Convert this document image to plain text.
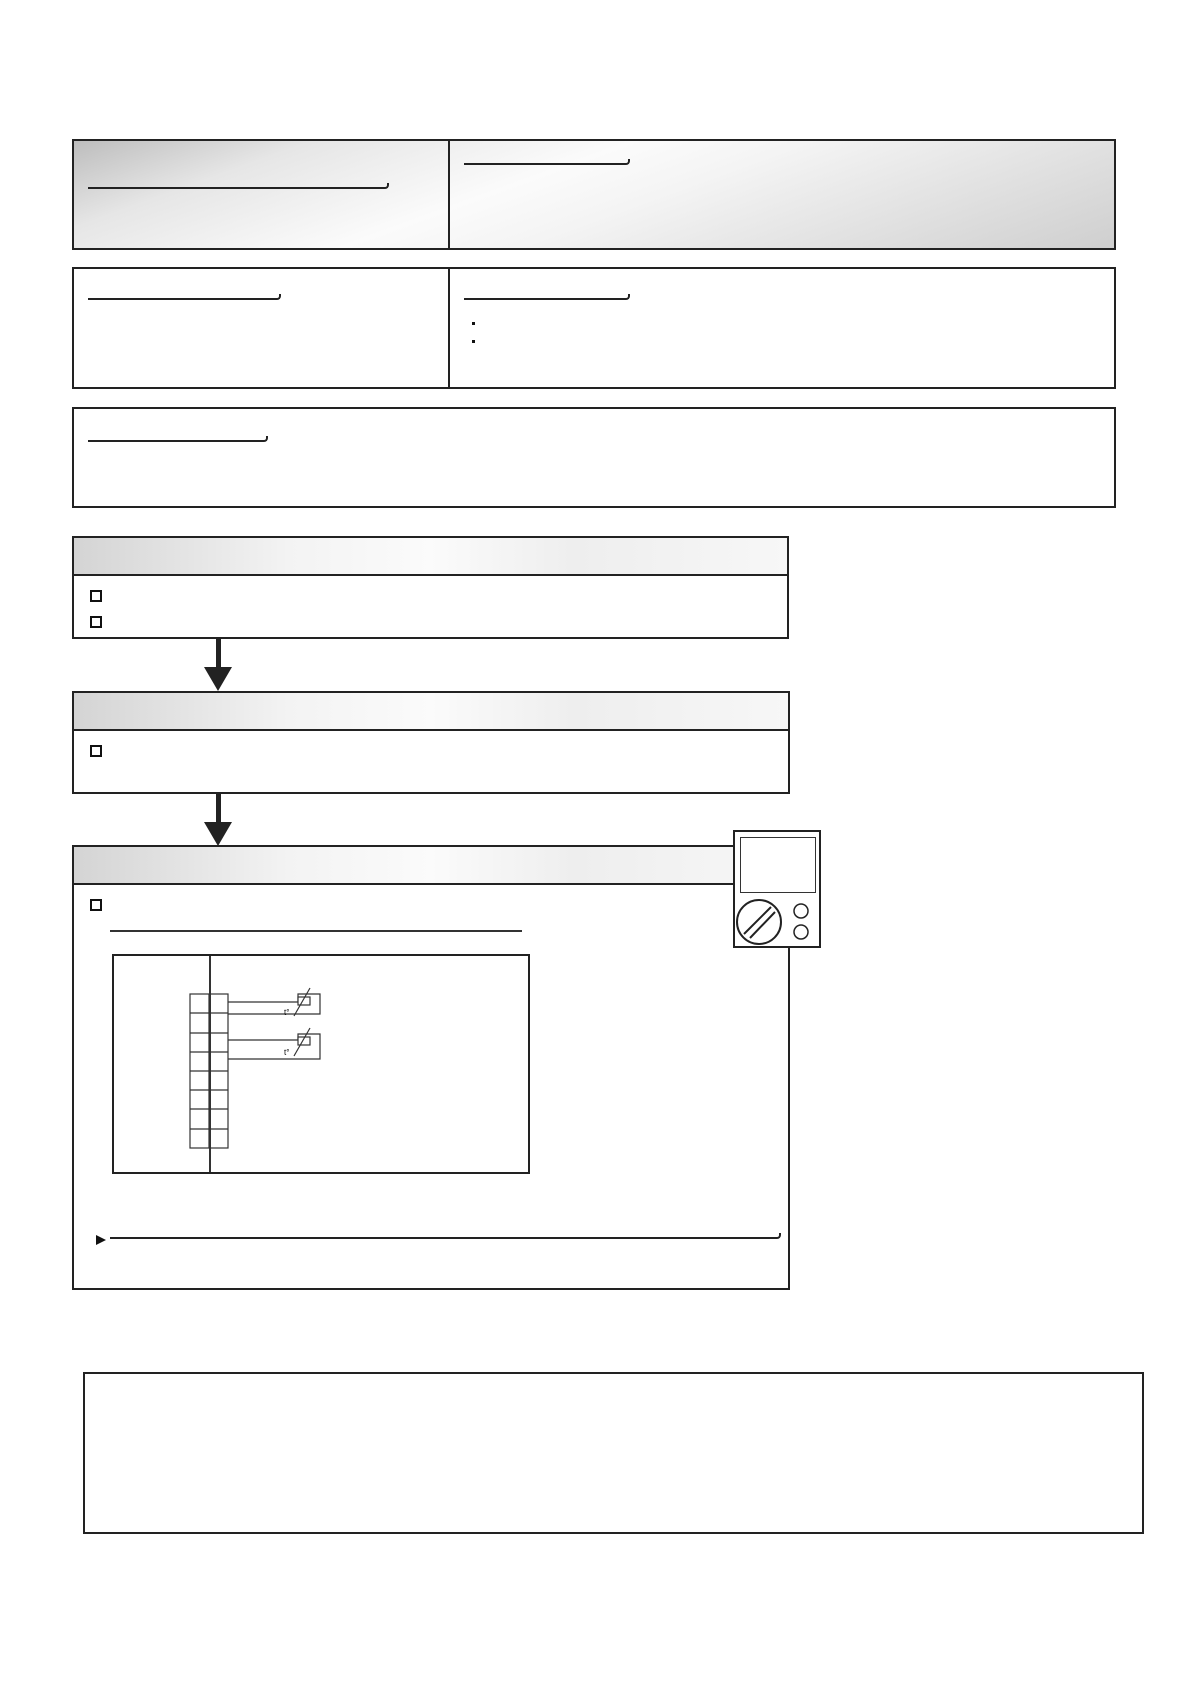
t°
t°
